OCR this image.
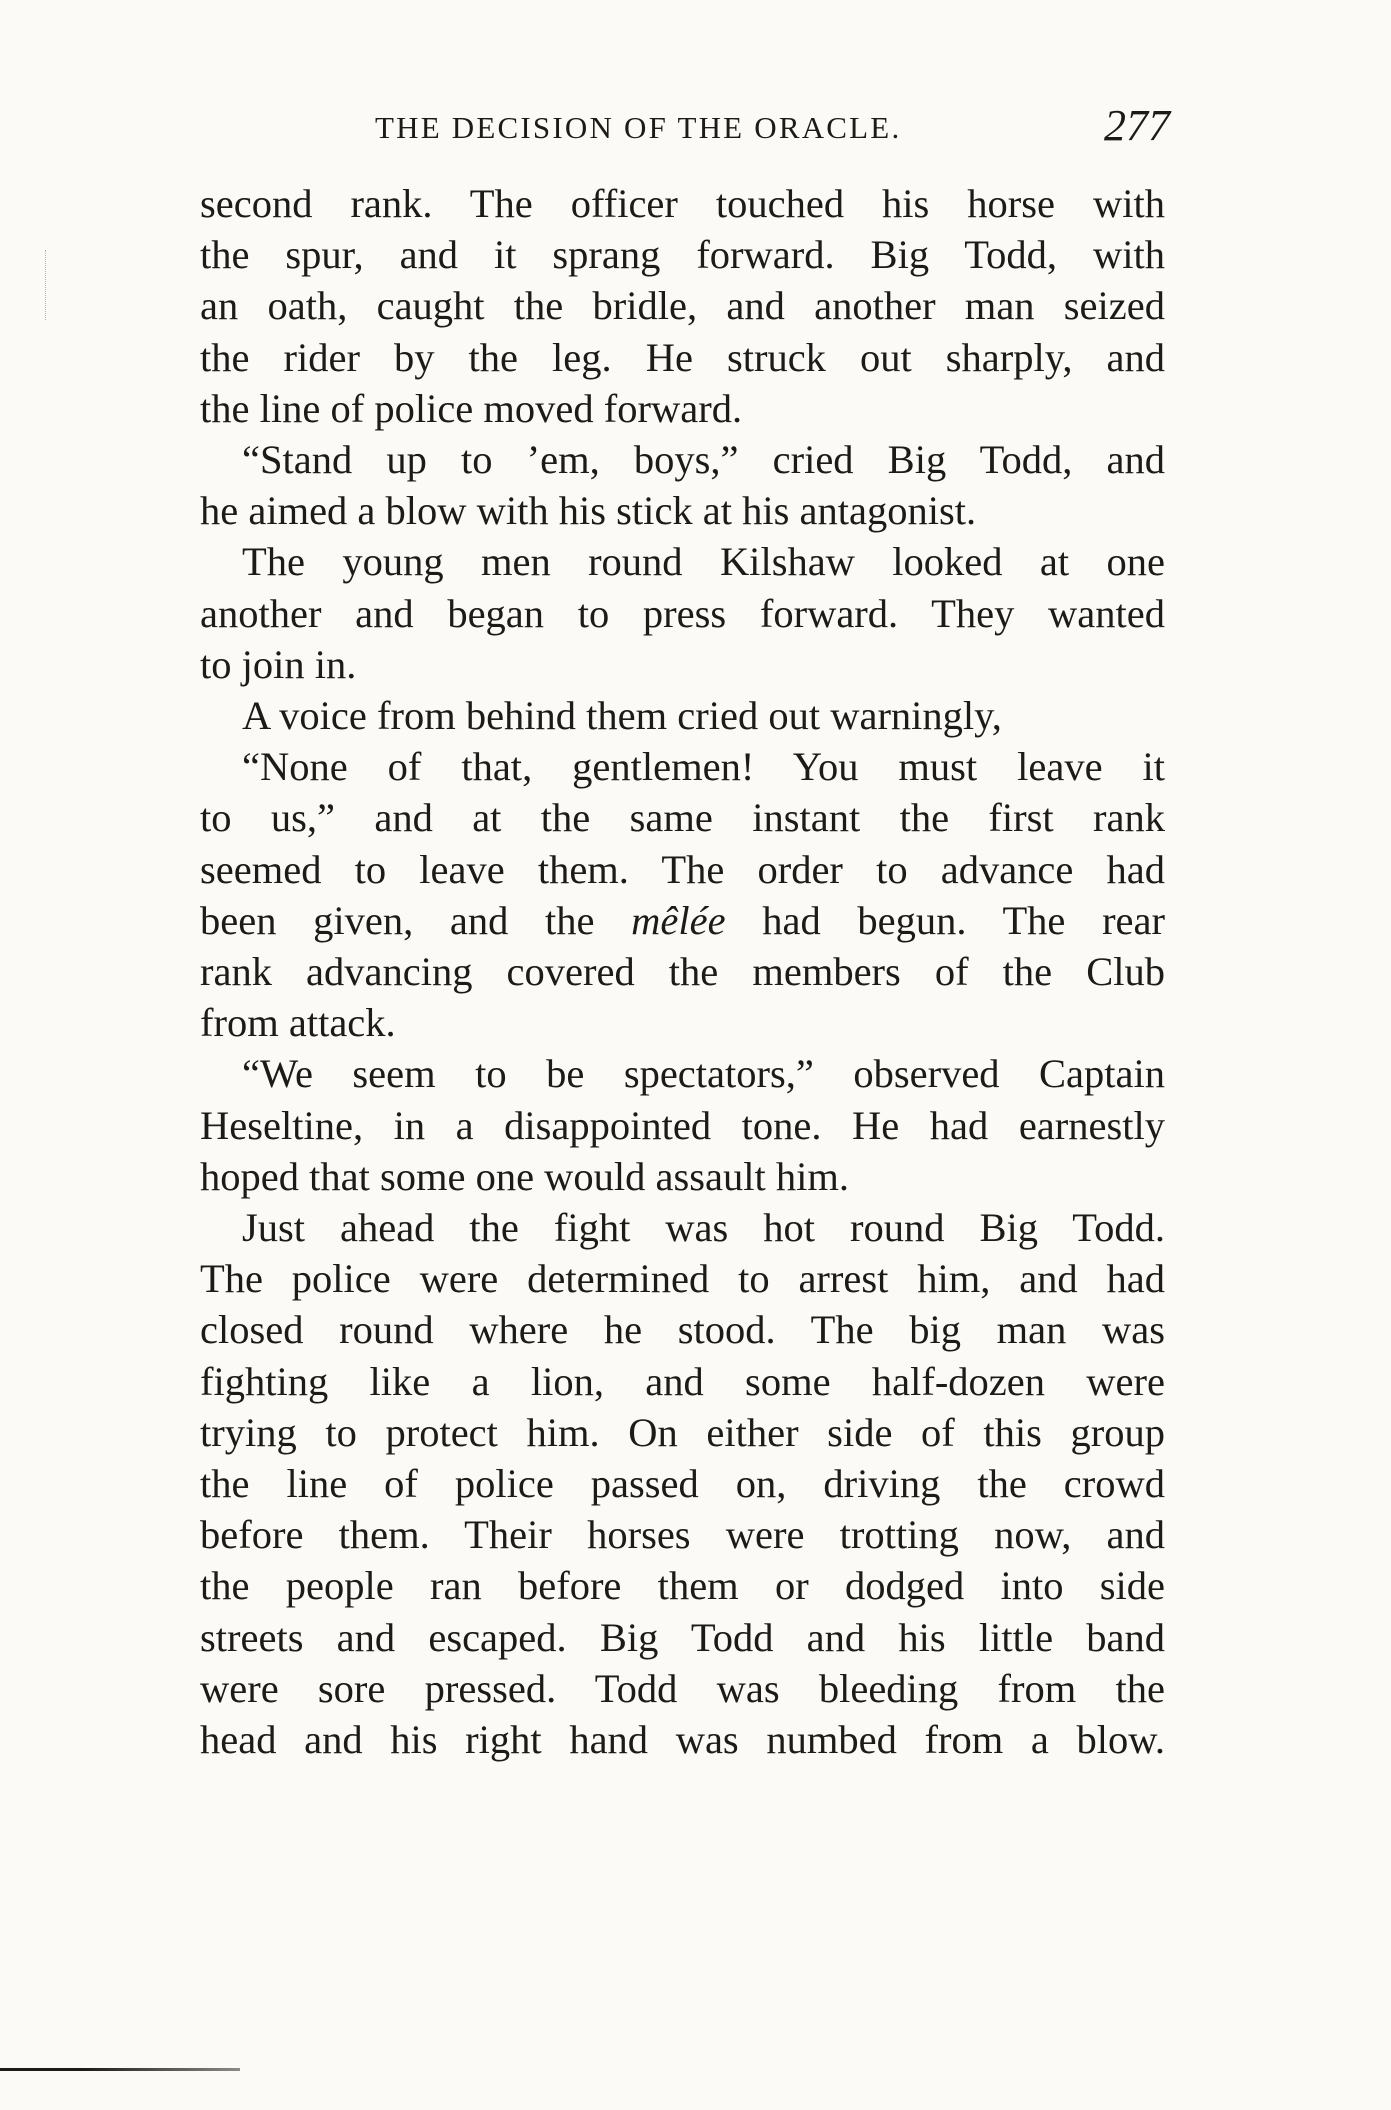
THE DECISION OF THE ORACLE.	277

second rank. The officer touched his horse with
the spur, and it sprang forward. Big Todd, with
an oath, caught the bridle, and another man seized
the rider by the leg. He struck out sharply, and
the line of police moved forward.

“Stand up to ’em, boys,” cried Big Todd, and
he aimed a blow with his stick at his antagonist.

The young men round Kilshaw looked at one
another and began to press forward. They wanted
to join in.

A voice from behind them cried out warningly,

“None of that, gentlemen! You must leave it
to us,” and at the same instant the first rank
seemed to leave them. The order to advance had
been given, and the mêlée had begun. The rear
rank advancing covered the members of the Club
from attack.

“We seem to be spectators,” observed Captain
Heseltine, in a disappointed tone. He had earnestly
hoped that some one would assault him.

Just ahead the fight was hot round Big Todd.
The police were determined to arrest him, and had
closed round where he stood. The big man was
fighting like a lion, and some half-dozen were
trying to protect him. On either side of this group
the line of police passed on, driving the crowd
before them. Their horses were trotting now, and
the people ran before them or dodged into side
streets and escaped. Big Todd and his little band
were sore pressed. Todd was bleeding from the
head and his right hand was numbed from a blow.
